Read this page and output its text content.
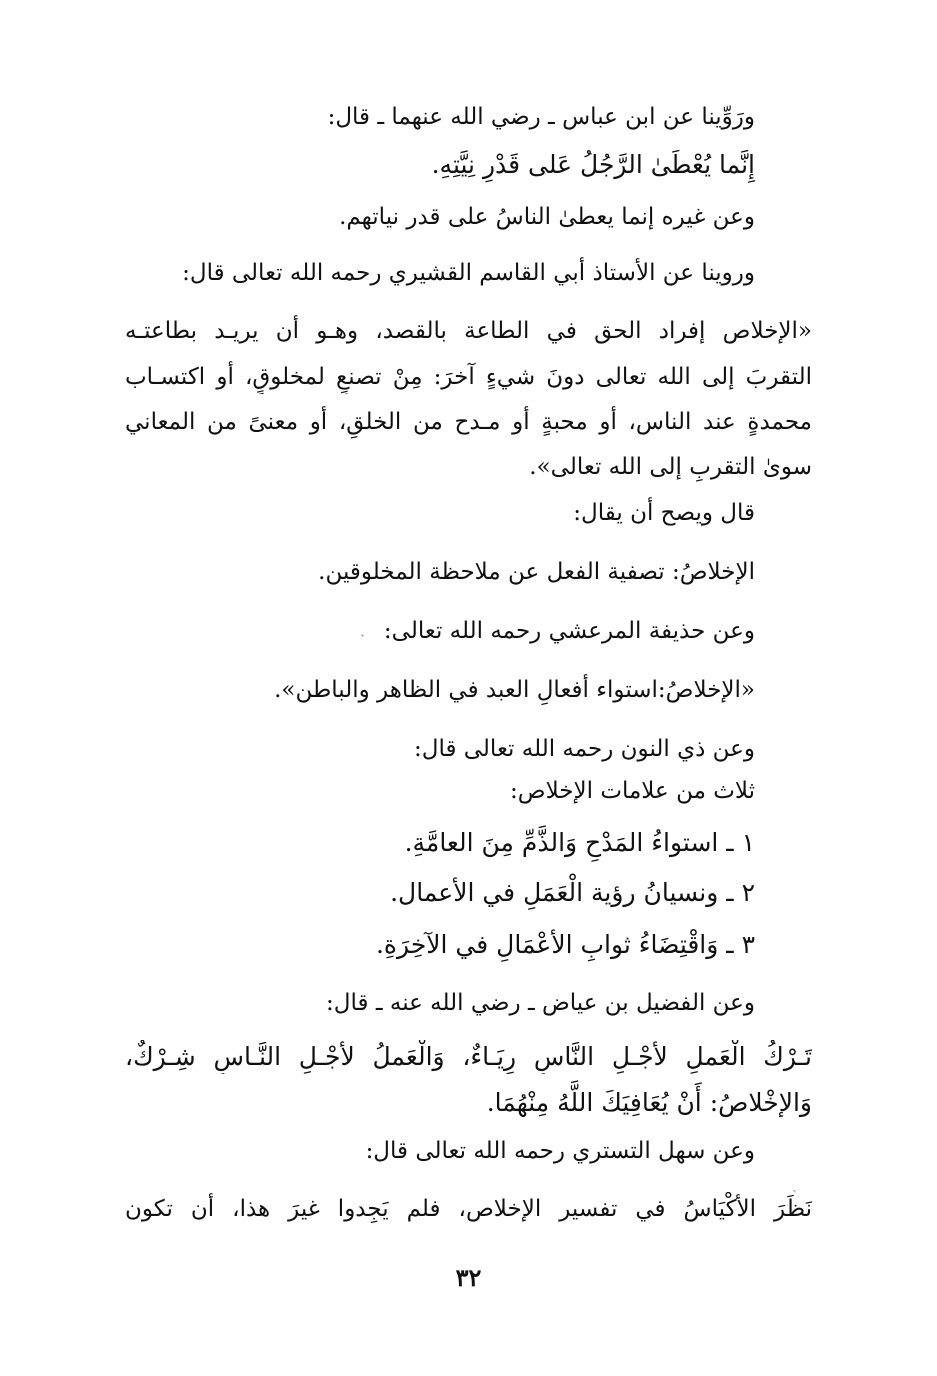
ورَوِّينا عن ابن عباس ـ رضي الله عنهما ـ قال:
إِنَّما يُعْطَىٰ الرَّجُلُ عَلى قَدْرِ نِيَّتِهِ.
وعن غيره إنما يعطىٰ الناسُ على قدر نياتهم.
وروينا عن الأستاذ أبي القاسم القشيري رحمه الله تعالى قال:
«الإخلاص إفراد الحق في الطاعة بالقصد، وهـو أن يريـد بطاعتـه
التقربَ إلى الله تعالى دونَ شيءٍ آخرَ: مِنْ تصنعٍ لمخلوقٍ، أو اكتسـاب
محمدةٍ عند الناس، أو محبةٍ أو مـدح من الخلقِ، أو معنىً من المعاني
سوىٰ التقربِ إلى الله تعالى».
قال ويصح أن يقال:
الإخلاصُ: تصفية الفعل عن ملاحظة المخلوقين.
وعن حذيفة المرعشي رحمه الله تعالى:
«الإخلاصُ:استواء أفعالِ العبد في الظاهر والباطن».
وعن ذي النون رحمه الله تعالى قال:
ثلاث من علامات الإخلاص:
١ ـ استواءُ المَدْحِ وَالذَّمِّ مِنَ العامَّةِ.
٢ ـ ونسيانُ رؤية الْعَمَلِ في الأعمال.
٣ ـ وَاقْتِضَاءُ ثوابِ الأعْمَالِ في الآخِرَةِ.
وعن الفضيل بن عياض ـ رضي الله عنه ـ قال:
تَـرْكُ الْعَملِ لأجْـلِ النَّاسِ رِيَـاءٌ، وَالْعَملُ لأجْـلِ النَّـاسِ شِـرْكٌ،
وَالإخْلاصُ: أَنْ يُعَافِيَكَ اللَّهُ مِنْهُمَا.
وعن سهل التستري رحمه الله تعالى قال:
نَظَرَ الأكْيَاسُ في تفسير الإخلاص، فلم يَجِدوا غيرَ هذا، أن تكون
٣٢
·
ˎ
